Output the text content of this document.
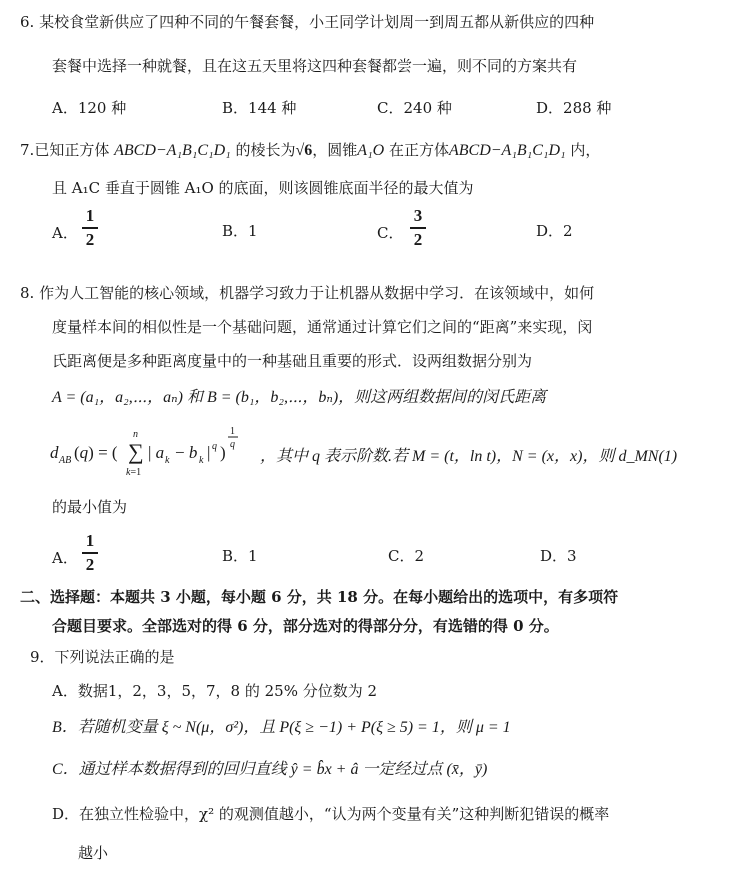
6. 某校食堂新供应了四种不同的午餐套餐，小王同学计划周一到周五都从新供应的四种
套餐中选择一种就餐，且在这五天里将这四种套餐都尝一遍，则不同的方案共有
A．120 种	B．144 种	C．240 种	D．288 种
7.已知正方体 ABCD−A₁B₁C₁D₁ 的棱长为√6，圆锥A₁O 在正方体ABCD−A₁B₁C₁D₁ 内，
且 A₁C 垂直于圆锥 A₁O 的底面，则该圆锥底面半径的最大值为
A．
1
2	B．1	C．
3
2	D．2
8. 作为人工智能的核心领域，机器学习致力于让机器从数据中学习．在该领域中，如何
度量样本间的相似性是一个基础问题，通常通过计算它们之间的“距离”来实现，闵
氏距离便是多种距离度量中的一种基础且重要的形式．设两组数据分别为
A = (a₁，a₂,⋯，aₙ) 和 B = (b₁，b₂,⋯，bₙ)，则这两组数据间的闵氏距离
d AB (q) = (
n
∑
k=1
| a k − b k | q )
1
q
，其中 q 表示阶数.若 M = (t，ln t)，N = (x，x)，则 d_MN(1)
的最小值为
A．
1
2	B．1	C．2	D．3
二、选择题：本题共 3 小题，每小题 6 分，共 18 分。在每小题给出的选项中，有多项符
合题目要求。全部选对的得 6 分，部分选对的得部分分，有选错的得 0 分。
9．下列说法正确的是
A．数据1，2，3，5，7，8 的 25% 分位数为 2
B．若随机变量 ξ ~ N(μ，σ²)，且 P(ξ ≥ −1) + P(ξ ≥ 5) = 1，则 μ = 1
C．通过样本数据得到的回归直线 ŷ = b̂x + â 一定经过点 (x̄，ȳ)
D．在独立性检验中，χ² 的观测值越小，“认为两个变量有关”这种判断犯错误的概率
越小
